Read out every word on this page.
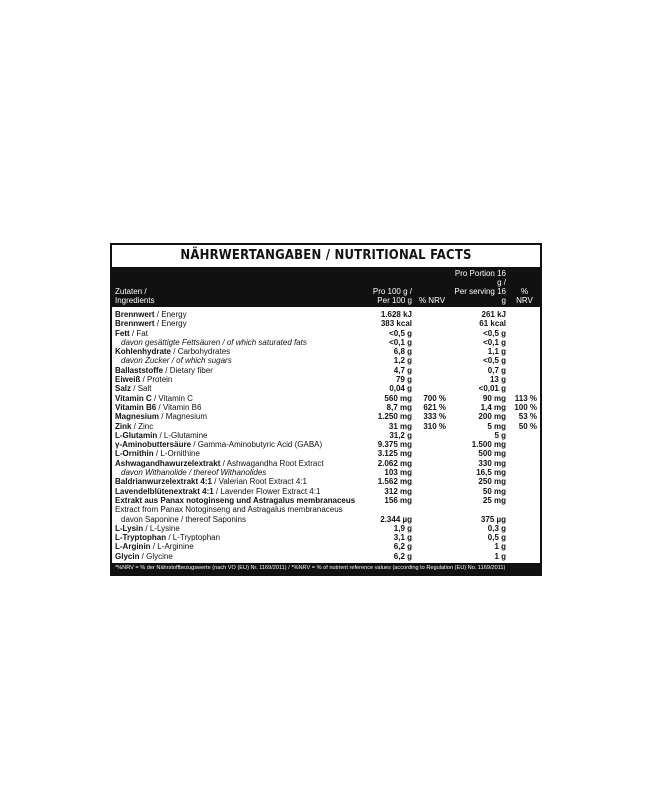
NÄHRWERTANGABEN / NUTRITIONAL FACTS
Zutaten /
Ingredients	Pro 100 g /
Per 100 g	% NRV	Pro Portion 16 g /
Per serving 16 g	% NRV
Brennwert / Energy	1.628 kJ		261 kJ	
Brennwert / Energy	383 kcal		61 kcal	
Fett / Fat	<0,5 g		<0,5 g	
davon gesättigte Fettsäuren / of which saturated fats	<0,1 g		<0,1 g	
Kohlenhydrate / Carbohydrates	6,8 g		1,1 g	
davon Zucker / of which sugars	1,2 g		<0,5 g	
Ballaststoffe / Dietary fiber	4,7 g		0,7 g	
Eiweiß / Protein	79 g		13 g	
Salz / Salt	0,04 g		<0,01 g	
Vitamin C / Vitamin C	560 mg	700 %	90 mg	113 %
Vitamin B6 / Vitamin B6	8,7 mg	621 %	1,4 mg	100 %
Magnesium / Magnesium	1.250 mg	333 %	200 mg	53 %
Zink / Zinc	31 mg	310 %	5 mg	50 %
L-Glutamin / L-Glutamine	31,2 g		5 g	
γ-Aminobuttersäure / Gamma-Aminobutyric Acid (GABA)	9.375 mg		1.500 mg	
L-Ornithin / L-Ornithine	3.125 mg		500 mg	
Ashwagandhawurzelextrakt / Ashwagandha Root Extract	2.062 mg		330 mg	
davon Withanolide / thereof Withanolides	103 mg		16,5 mg	
Baldrianwurzelextrakt 4:1 / Valerian Root Extract 4:1	1.562 mg		250 mg	
Lavendelblütenextrakt 4:1 / Lavender Flower Extract 4:1	312 mg		50 mg	
Extrakt aus Panax notoginseng und Astragalus membranaceus	156 mg		25 mg	
Extract from Panax Notoginseng and Astragalus membranaceus				
davon Saponine / thereof Saponins	2.344 µg		375 µg	
L-Lysin / L-Lysine	1,9 g		0,3 g	
L-Tryptophan / L-Tryptophan	3,1 g		0,5 g	
L-Arginin / L-Arginine	6,2 g		1 g	
Glycin / Glycine	6,2 g		1 g	
*%NRV = % der Nährstoffbezugswerte (nach VO (EU) Nr. 1169/2011) / *%NRV = % of nutrient reference values (according to Regulation (EU) No. 1169/2011)
